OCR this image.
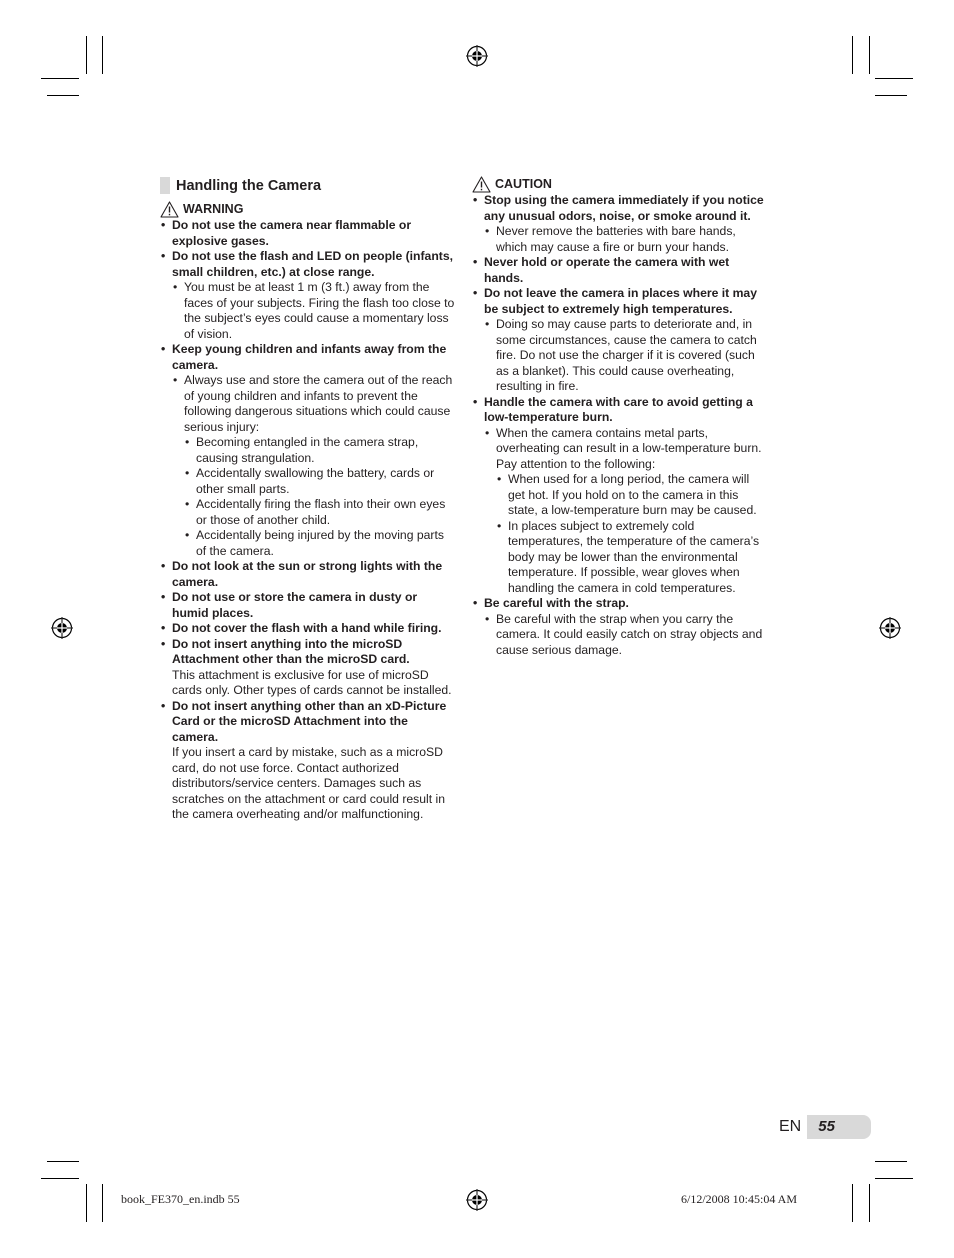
Handling the Camera
WARNING
• Do not use the camera near flammable or explosive gases.
• Do not use the flash and LED on people (infants, small children, etc.) at close range.
• You must be at least 1 m (3 ft.) away from the faces of your subjects. Firing the flash too close to the subject’s eyes could cause a momentary loss of vision.
• Keep young children and infants away from the camera.
• Always use and store the camera out of the reach of young children and infants to prevent the following dangerous situations which could cause serious injury:
• Becoming entangled in the camera strap, causing strangulation.
• Accidentally swallowing the battery, cards or other small parts.
• Accidentally firing the flash into their own eyes or those of another child.
• Accidentally being injured by the moving parts of the camera.
• Do not look at the sun or strong lights with the camera.
• Do not use or store the camera in dusty or humid places.
• Do not cover the flash with a hand while firing.
• Do not insert anything into the microSD Attachment other than the microSD card.
This attachment is exclusive for use of microSD cards only. Other types of cards cannot be installed.
• Do not insert anything other than an xD-Picture Card or the microSD Attachment into the camera.
If you insert a card by mistake, such as a microSD card, do not use force. Contact authorized distributors/service centers. Damages such as scratches on the attachment or card could result in the camera overheating and/or malfunctioning.
CAUTION
• Stop using the camera immediately if you notice any unusual odors, noise, or smoke around it.
• Never remove the batteries with bare hands, which may cause a fire or burn your hands.
• Never hold or operate the camera with wet hands.
• Do not leave the camera in places where it may be subject to extremely high temperatures.
• Doing so may cause parts to deteriorate and, in some circumstances, cause the camera to catch fire. Do not use the charger if it is covered (such as a blanket). This could cause overheating, resulting in fire.
• Handle the camera with care to avoid getting a low-temperature burn.
• When the camera contains metal parts, overheating can result in a low-temperature burn. Pay attention to the following:
• When used for a long period, the camera will get hot. If you hold on to the camera in this state, a low-temperature burn may be caused.
• In places subject to extremely cold temperatures, the temperature of the camera’s body may be lower than the environmental temperature. If possible, wear gloves when handling the camera in cold temperatures.
• Be careful with the strap.
• Be careful with the strap when you carry the camera. It could easily catch on stray objects and cause serious damage.
EN	55
book_FE370_en.indb 55	6/12/2008 10:45:04 AM
